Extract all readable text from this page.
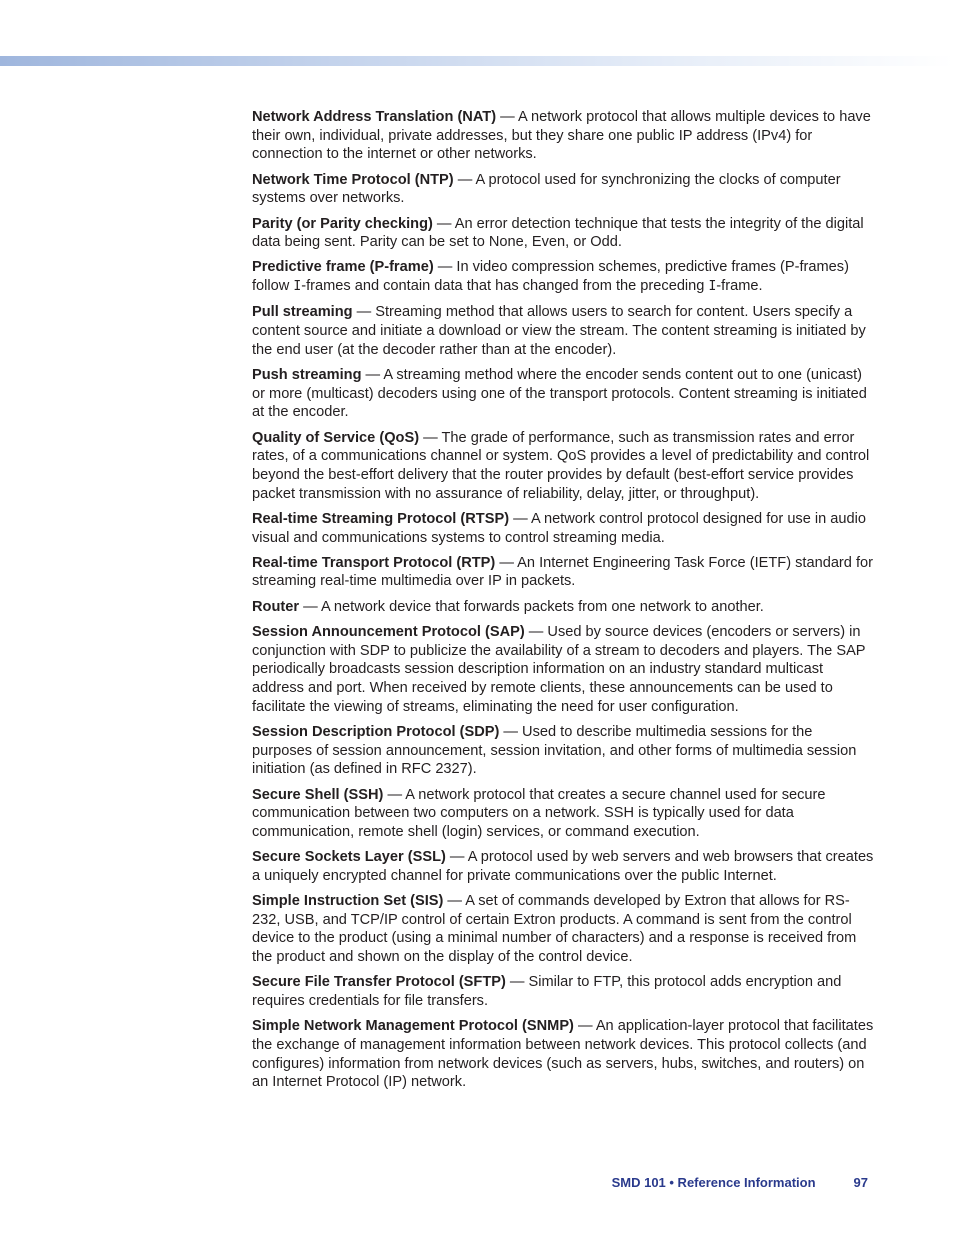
Network Address Translation (NAT) — A network protocol that allows multiple devices to have their own, individual, private addresses, but they share one public IP address (IPv4) for connection to the internet or other networks.

Network Time Protocol (NTP) — A protocol used for synchronizing the clocks of computer systems over networks.

Parity (or Parity checking) — An error detection technique that tests the integrity of the digital data being sent. Parity can be set to None, Even, or Odd.

Predictive frame (P-frame) — In video compression schemes, predictive frames (P-frames) follow I-frames and contain data that has changed from the preceding I-frame.

Pull streaming — Streaming method that allows users to search for content. Users specify a content source and initiate a download or view the stream. The content streaming is initiated by the end user (at the decoder rather than at the encoder).

Push streaming — A streaming method where the encoder sends content out to one (unicast) or more (multicast) decoders using one of the transport protocols. Content streaming is initiated at the encoder.

Quality of Service (QoS) — The grade of performance, such as transmission rates and error rates, of a communications channel or system. QoS provides a level of predictability and control beyond the best-effort delivery that the router provides by default (best-effort service provides packet transmission with no assurance of reliability, delay, jitter, or throughput).

Real-time Streaming Protocol (RTSP) — A network control protocol designed for use in audio visual and communications systems to control streaming media.

Real-time Transport Protocol (RTP) — An Internet Engineering Task Force (IETF) standard for streaming real-time multimedia over IP in packets.

Router — A network device that forwards packets from one network to another.

Session Announcement Protocol (SAP) — Used by source devices (encoders or servers) in conjunction with SDP to publicize the availability of a stream to decoders and players. The SAP periodically broadcasts session description information on an industry standard multicast address and port. When received by remote clients, these announcements can be used to facilitate the viewing of streams, eliminating the need for user configuration.

Session Description Protocol (SDP) — Used to describe multimedia sessions for the purposes of session announcement, session invitation, and other forms of multimedia session initiation (as defined in RFC 2327).

Secure Shell (SSH) — A network protocol that creates a secure channel used for secure communication between two computers on a network. SSH is typically used for data communication, remote shell (login) services, or command execution.

Secure Sockets Layer (SSL) — A protocol used by web servers and web browsers that creates a uniquely encrypted channel for private communications over the public Internet.

Simple Instruction Set (SIS) — A set of commands developed by Extron that allows for RS-232, USB, and TCP/IP control of certain Extron products. A command is sent from the control device to the product (using a minimal number of characters) and a response is received from the product and shown on the display of the control device.

Secure File Transfer Protocol (SFTP) — Similar to FTP, this protocol adds encryption and requires credentials for file transfers.

Simple Network Management Protocol (SNMP) — An application-layer protocol that facilitates the exchange of management information between network devices. This protocol collects (and configures) information from network devices (such as servers, hubs, switches, and routers) on an Internet Protocol (IP) network.

SMD 101 • Reference Information	97
